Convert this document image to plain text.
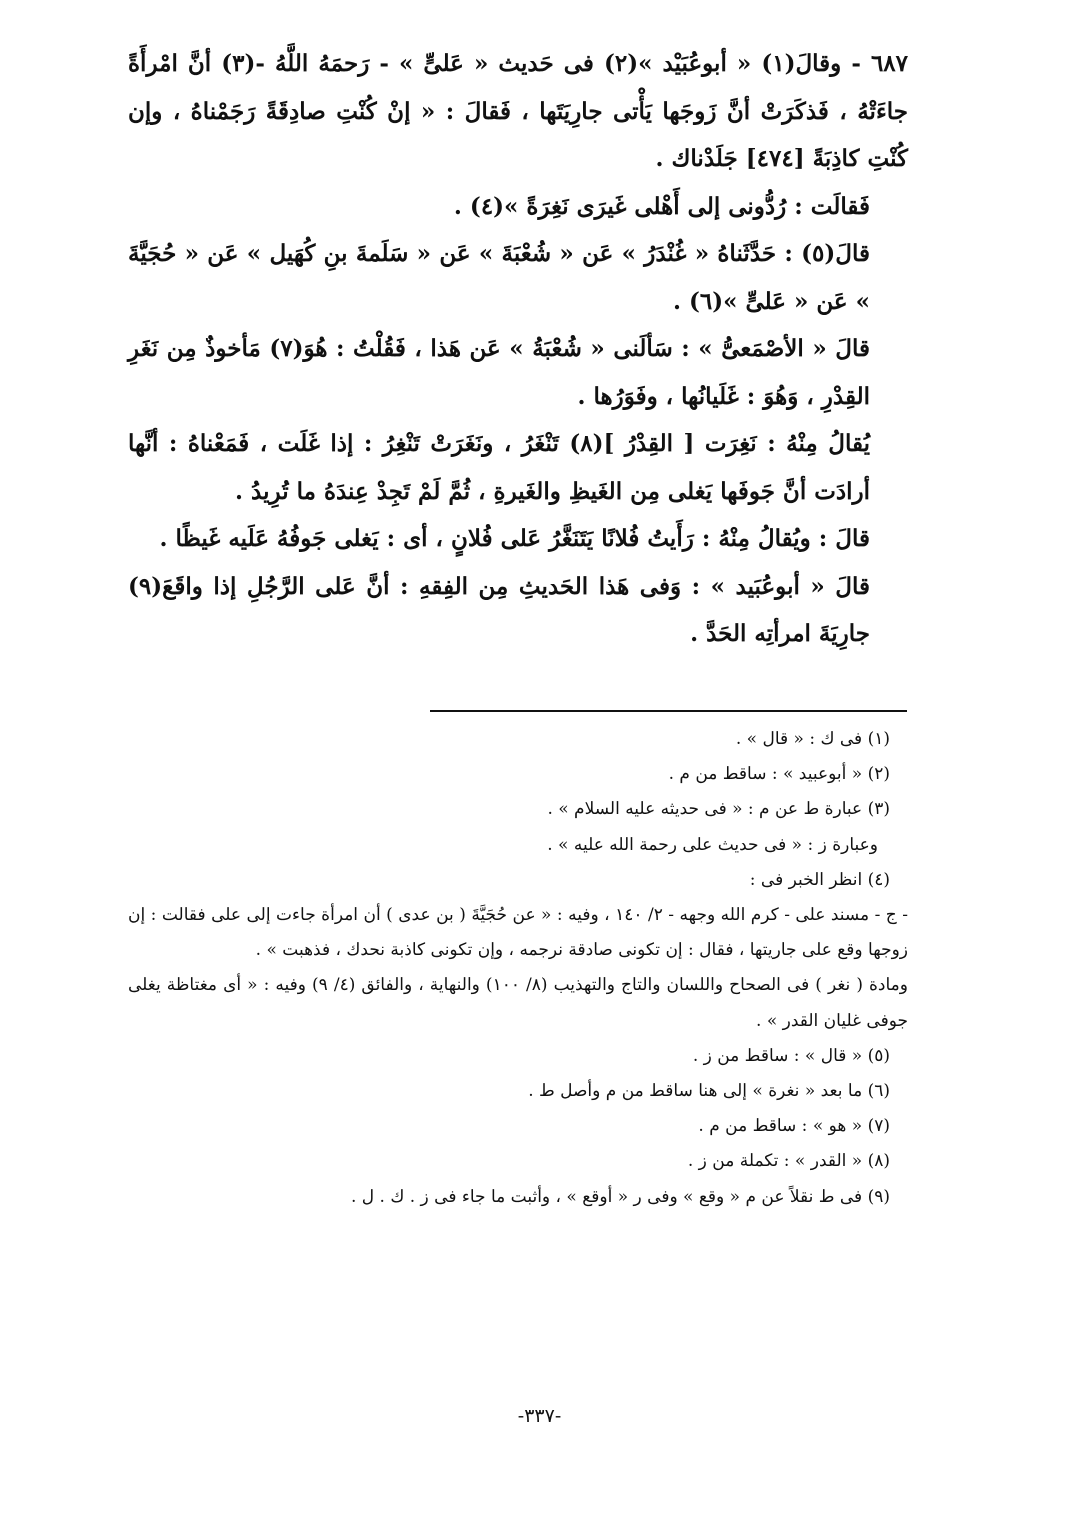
٦٨٧ - وقالَ(١) « أبوعُبَيْد »(٢) فى حَديث « عَلىٍّ » - رَحمَهُ اللَّهُ -(٣) أنَّ امْرأَةً جاءَتْهُ ، فَذكَرَتْ أنَّ زَوجَها يَأْتى جارِيَتَها ، فَقالَ : « إنْ كُنْتِ صادِقَةً رَجَمْناهُ ، وإن كُنْتِ كاذِبَةً [٤٧٤] جَلَدْناك .

فَقالَت : رُدُّونى إلى أَهْلى غَيرَى نَغِرَةً »(٤) .

قالَ(٥) : حَدَّثَناهُ « غُنْدَرُ » عَن « شُعْبَةَ » عَن « سَلَمةَ بنِ كُهَيل » عَن « حُجَيَّةَ » عَن « عَلىٍّ »(٦) .

قالَ « الأصْمَعىُّ » : سَألَنى « شُعْبَةُ » عَن هَذا ، فَقُلْتُ : هُوَ(٧) مَأخوذٌ مِن نَغَرِ القِدْرِ ، وَهُوَ : غَلَيانُها ، وفَوَرُها .

يُقالُ مِنْهُ : نَغِرَت [ القِدْرُ ](٨) تَنْغَرُ ، ونَغَرَتْ تَنْغِرُ : إذا غَلَت ، فَمَعْناهُ : أنَّها أرادَت أنَّ جَوفَها يَغلى مِن الغَيظِ والغَيرةِ ، ثُمَّ لَمْ تَجِدْ عِندَهُ ما تُرِيدُ .

قالَ : ويُقالُ مِنْهُ : رَأَيتُ فُلانًا يَتَنَغَّرُ عَلى فُلانٍ ، أى : يَغلى جَوفُهُ عَلَيه غَيظًا .

قالَ « أبوعُبَيد » : وَفى هَذا الحَديثِ مِن الفِقهِ : أنَّ عَلى الرَّجُلِ إذا واقَعَ(٩) جارِيَةَ امرأتِه الحَدَّ .

(١) فى ك : « قال » .

(٢) « أبوعبيد » : ساقط من م .

(٣) عبارة ط عن م : « فى حديثه عليه السلام » .

وعبارة ز : « فى حديث على رحمة الله عليه » .

(٤) انظر الخبر فى :

- ج - مسند على - كرم الله وجهه - ٢/ ١٤٠ ، وفيه : « عن حُجَيَّةَ ( بن عدى ) أن امرأة جاءت إلى على فقالت : إن زوجها وقع على جاريتها ، فقال : إن تكونى صادقة نرجمه ، وإن تكونى كاذبة نحدك ، فذهبت » .

ومادة ( نغر ) فى الصحاح واللسان والتاج والتهذيب (٨/ ١٠٠) والنهاية ، والفائق (٤/ ٩) وفيه : « أى مغتاظة يغلى جوفى غليان القدر » .

(٥) « قال » : ساقط من ز .

(٦) ما بعد « نغرة » إلى هنا ساقط من م وأصل ط .

(٧) « هو » : ساقط من م .

(٨) « القدر » : تكملة من ز .

(٩) فى ط نقلاً عن م « وقع » وفى ر « أوقع » ، وأثبت ما جاء فى ز . ك . ل .

-٣٣٧-
